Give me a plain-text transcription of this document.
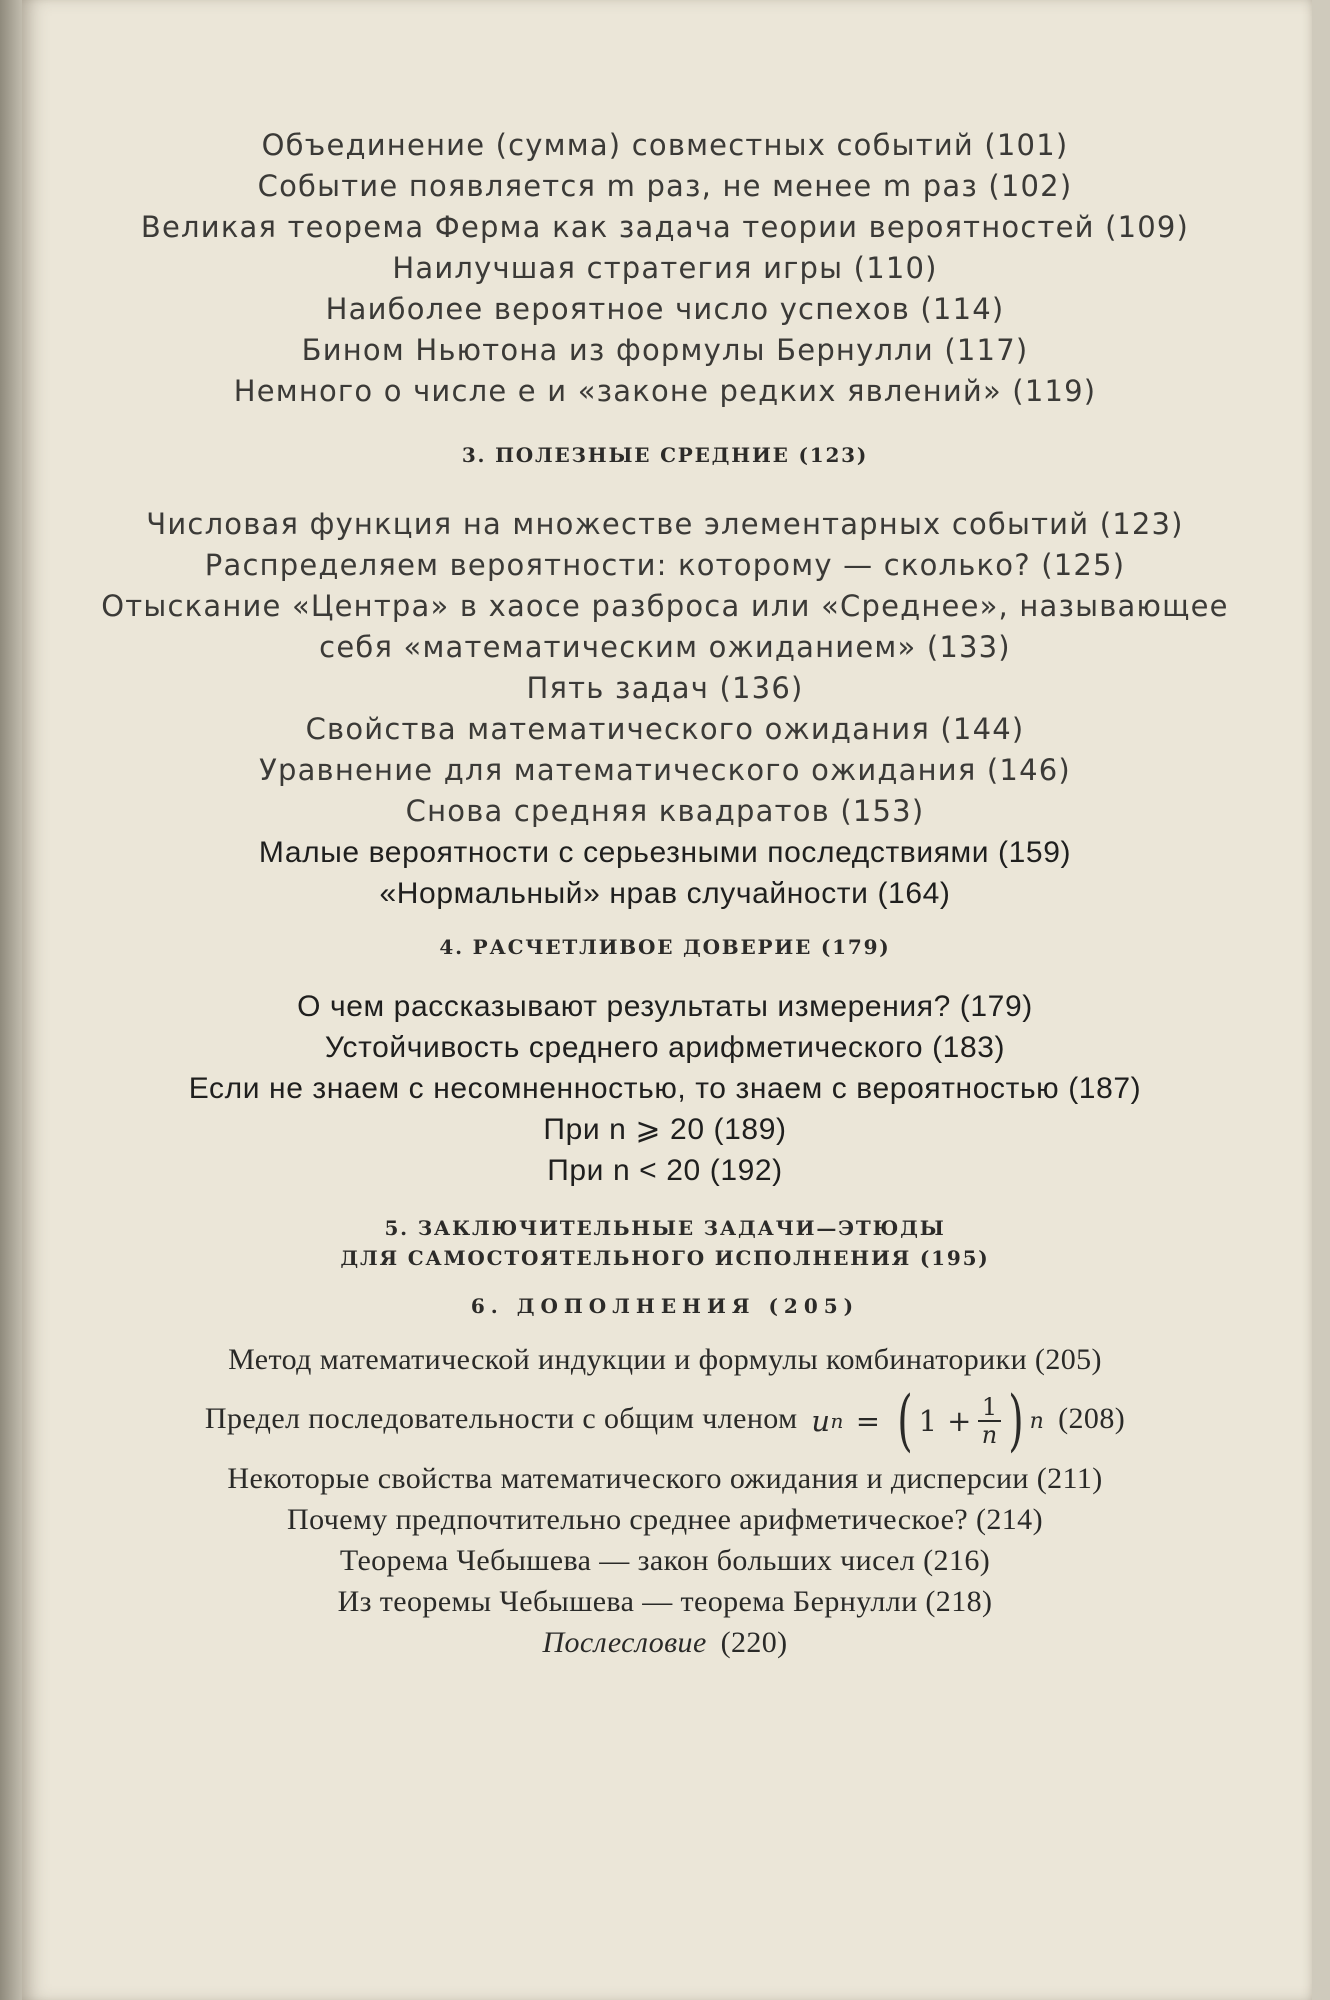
Объединение (сумма) совместных событий (101)
Событие появляется m раз, не менее m раз (102)
Великая теорема Ферма как задача теории вероятностей (109)
Наилучшая стратегия игры (110)
Наиболее вероятное число успехов (114)
Бином Ньютона из формулы Бернулли (117)
Немного о числе e и «законе редких явлений» (119)
3. ПОЛЕЗНЫЕ СРЕДНИЕ (123)
Числовая функция на множестве элементарных событий (123)
Распределяем вероятности: которому — сколько? (125)
Отыскание «Центра» в хаосе разброса или «Среднее», называющее
себя «математическим ожиданием» (133)
Пять задач (136)
Свойства математического ожидания (144)
Уравнение для математического ожидания (146)
Снова средняя квадратов (153)
Малые вероятности с серьезными последствиями (159)
«Нормальный» нрав случайности (164)
4. РАСЧЕТЛИВОЕ ДОВЕРИЕ (179)
О чем рассказывают результаты измерения? (179)
Устойчивость среднего арифметического (183)
Если не знаем с несомненностью, то знаем с вероятностью (187)
При n ⩾ 20 (189)
При n < 20 (192)
5. ЗАКЛЮЧИТЕЛЬНЫЕ ЗАДАЧИ—ЭТЮДЫ
ДЛЯ САМОСТОЯТЕЛЬНОГО ИСПОЛНЕНИЯ (195)
6. ДОПОЛНЕНИЯ (205)
Метод математической индукции и формулы комбинаторики (205)
Предел последовательности с общим членом u n = ( $1 + \frac{1}{n}$ ) n (208)
Некоторые свойства математического ожидания и дисперсии (211)
Почему предпочтительно среднее арифметическое? (214)
Теорема Чебышева — закон больших чисел (216)
Из теоремы Чебышева — теорема Бернулли (218)
Послесловие (220)
